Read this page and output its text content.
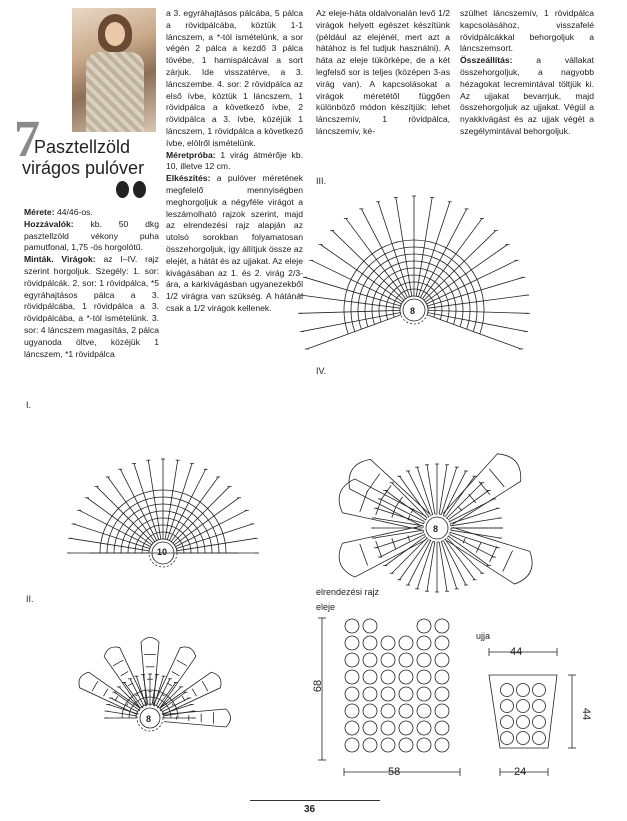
7
Pasztellzöld
virágos pulóver
Mérete: 44/46-os.
Hozzávalók: kb. 50 dkg pasztellzöld vékony puha pamutfonal, 1,75 -ös horgolótű.
Minták. Virágok: az I–IV. rajz szerint horgoljuk. Szegély: 1. sor: rövidpálcák. 2. sor: 1 rövidpálca, *5 egyráhajtásos pálca a 3. rövidpálcába, 1 rövidpálca a 3. rövidpálcába, a *-tól ismételünk. 3. sor: 4 láncszem magasítás, 2 pálca ugyanoda öltve, közéjük 1 láncszem, *1 rövidpálca
a 3. egyráhajtásos pálcába, 5 pálca a rövidpálcába, köztük 1-1 láncszem, a *-tól ismételünk, a sor végén 2 pálca a kezdő 3 pálca tövébe, 1 hamispálcával a sort zárjuk. Ide visszatérve, a 3. láncszembe. 4. sor: 2 rövidpálca az első ívbe, köztük 1 láncszem, 1 rövidpálca a következő ívbe, 2 rövidpálca a 3. ívbe, közéjük 1 láncszem, 1 rövidpálca a következő ívbe, elölről ismételünk.
Méretpróba: 1 virág átmérője kb. 10, illetve 12 cm.
Elkészítés: a pulóver méretének megfelelő mennyiségben meghorgoljuk a négyféle virágot a leszámolható rajzok szerint, majd az elrendezési rajz alapján az utolsó sorokban folyamatosan összehorgoljuk, így állítjuk össze az elejét, a hátát és az ujjakat. Az eleje kivágásában az 1. és 2. virág 2/3-ára, a karkivágásban ugyanezekből 1/2 virágra van szükség. A hátánál csak a 1/2 virágok kellenek.
Az eleje-háta oldalvonalán levő 1/2 virágok helyett egészet készítünk (például az elejénél, mert azt a hátához is fel tudjuk használni). A háta az eleje tükörképe, de a két legfelső sor is teljes (középen 3-as virág van). A kapcsolásokat a virágok méretétől függően különböző módon készítjük: lehet láncszemív, 1 rövidpálca, láncszemív, ké-
szülhet láncszemív, 1 rövidpálca kapcsolásához, visszafelé rövidpálcákkal behorgoljuk a láncszemsort.
Összeállítás: a vállakat összehorgoljuk, a nagyobb hézagokat lecremintával töltjük ki. Az ujjakat bevarrjuk, majd összehorgoljuk az ujjakat. Végül a nyakkivágást és az ujjak végét a szegélymintával behorgoljuk.
I.
II.
III.
IV.
10
8
8
8
elrendezési rajz
eleje
ujja
68
58
44
44
24
36
